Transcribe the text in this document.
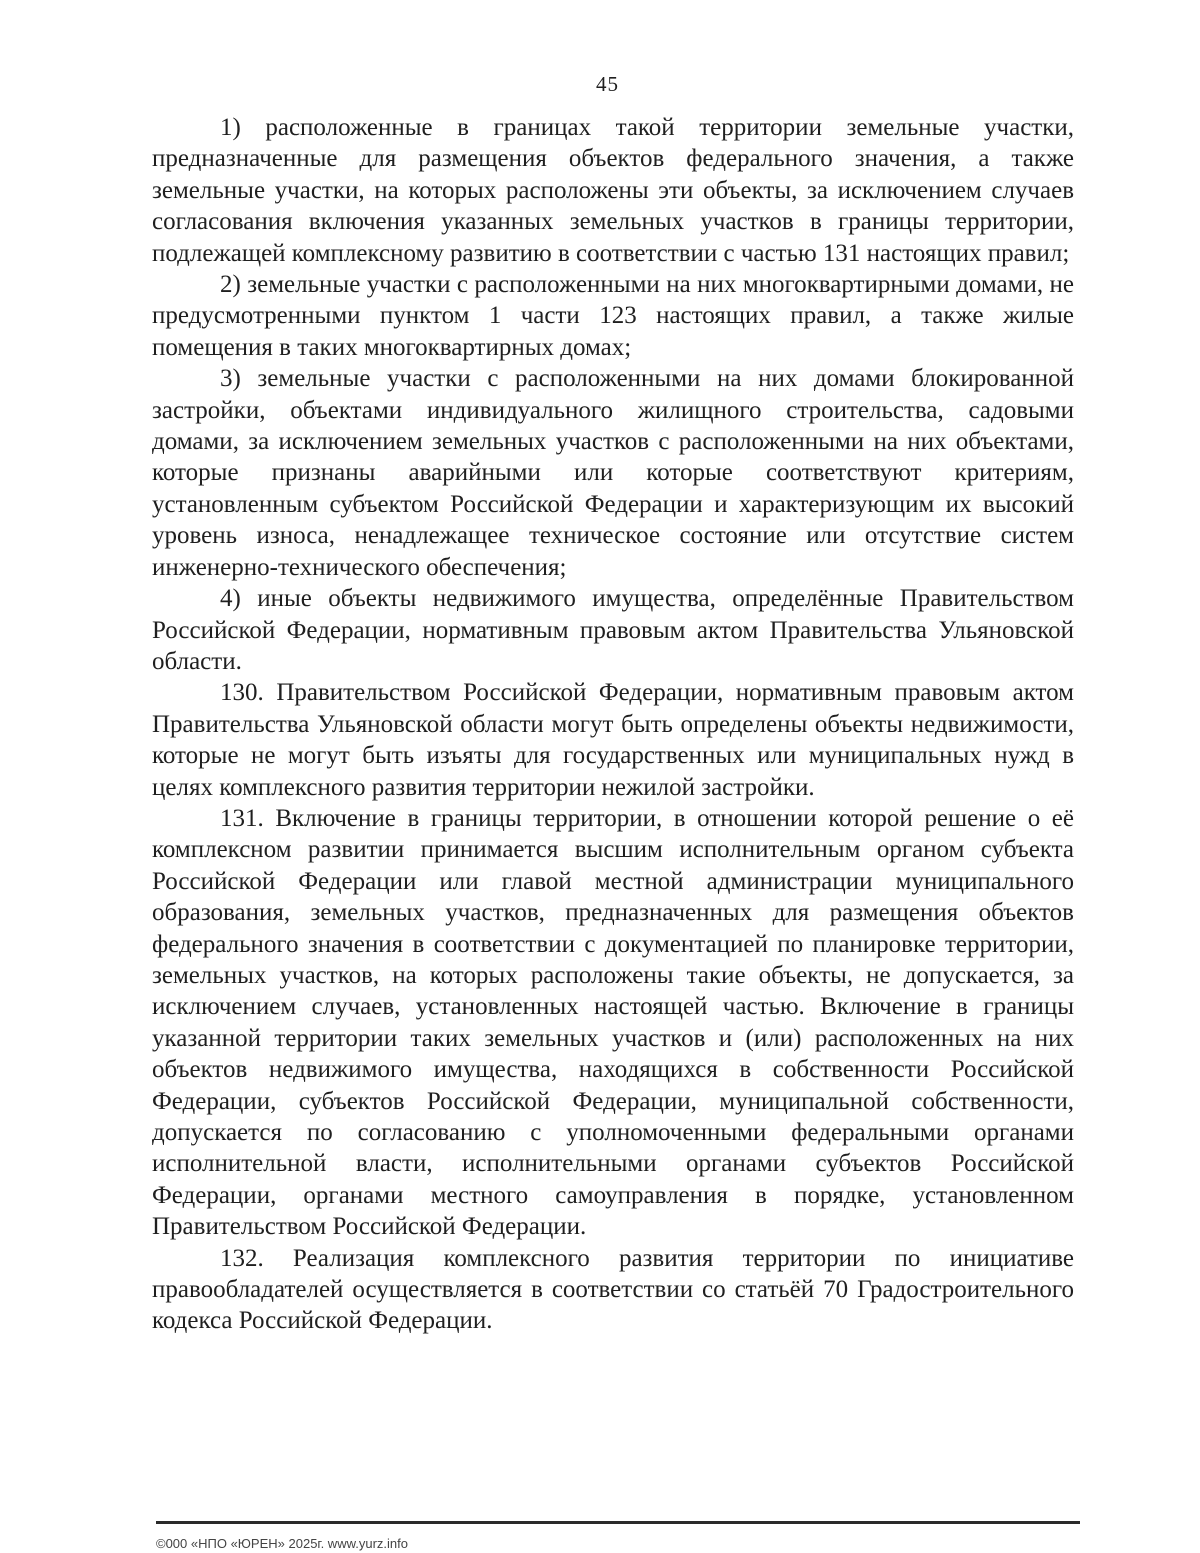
45

1) расположенные в границах такой территории земельные участки, предназначенные для размещения объектов федерального значения, а также земельные участки, на которых расположены эти объекты, за исключением случаев согласования включения указанных земельных участков в границы территории, подлежащей комплексному развитию в соответствии с частью 131 настоящих правил;

2) земельные участки с расположенными на них многоквартирными домами, не предусмотренными пунктом 1 части 123 настоящих правил, а также жилые помещения в таких многоквартирных домах;

3) земельные участки с расположенными на них домами блокированной застройки, объектами индивидуального жилищного строительства, садовыми домами, за исключением земельных участков с расположенными на них объектами, которые признаны аварийными или которые соответствуют критериям, установленным субъектом Российской Федерации и характеризующим их высокий уровень износа, ненадлежащее техническое состояние или отсутствие систем инженерно-технического обеспечения;

4) иные объекты недвижимого имущества, определённые Правительством Российской Федерации, нормативным правовым актом Правительства Ульяновской области.

130. Правительством Российской Федерации, нормативным правовым актом Правительства Ульяновской области могут быть определены объекты недвижимости, которые не могут быть изъяты для государственных или муниципальных нужд в целях комплексного развития территории нежилой застройки.

131. Включение в границы территории, в отношении которой решение о её комплексном развитии принимается высшим исполнительным органом субъекта Российской Федерации или главой местной администрации муниципального образования, земельных участков, предназначенных для размещения объектов федерального значения в соответствии с документацией по планировке территории, земельных участков, на которых расположены такие объекты, не допускается, за исключением случаев, установленных настоящей частью. Включение в границы указанной территории таких земельных участков и (или) расположенных на них объектов недвижимого имущества, находящихся в собственности Российской Федерации, субъектов Российской Федерации, муниципальной собственности, допускается по согласованию с уполномоченными федеральными органами исполнительной власти, исполнительными органами субъектов Российской Федерации, органами местного самоуправления в порядке, установленном Правительством Российской Федерации.

132. Реализация комплексного развития территории по инициативе правообладателей осуществляется в соответствии со статьёй 70 Градостроительного кодекса Российской Федерации.

©000 «НПО «ЮРЕН» 2025г. www.yurz.info
